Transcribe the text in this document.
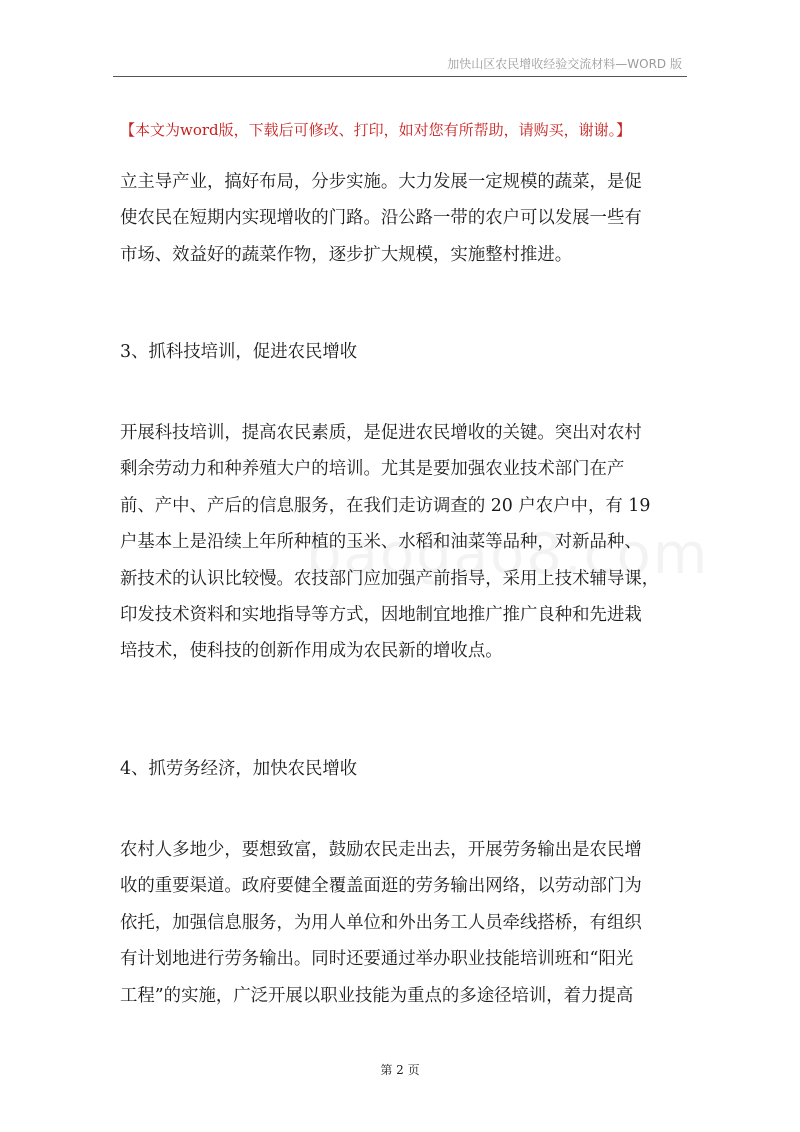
加快山区农民增收经验交流材料—WORD 版
【本文为word版，下载后可修改、打印，如对您有所帮助，请购买，谢谢。】
立主导产业，搞好布局，分步实施。大力发展一定规模的蔬菜，是促
使农民在短期内实现增收的门路。沿公路一带的农户可以发展一些有
市场、效益好的蔬菜作物，逐步扩大规模，实施整村推进。
3、抓科技培训，促进农民增收
开展科技培训，提高农民素质，是促进农民增收的关键。突出对农村
剩余劳动力和种养殖大户的培训。尤其是要加强农业技术部门在产
前、产中、产后的信息服务，在我们走访调查的 20 户农户中，有 19
户基本上是沿续上年所种植的玉米、水稻和油菜等品种，对新品种、
新技术的认识比较慢。农技部门应加强产前指导，采用上技术辅导课，
印发技术资料和实地指导等方式，因地制宜地推广推广良种和先进栽
培技术，使科技的创新作用成为农民新的增收点。
4、抓劳务经济，加快农民增收
农村人多地少，要想致富，鼓励农民走出去，开展劳务输出是农民增
收的重要渠道。政府要健全覆盖面逛的劳务输出网络，以劳动部门为
依托，加强信息服务，为用人单位和外出务工人员牵线搭桥，有组织
有计划地进行劳务输出。同时还要通过举办职业技能培训班和“阳光
工程”的实施，广泛开展以职业技能为重点的多途径培训，着力提高
第 2 页
